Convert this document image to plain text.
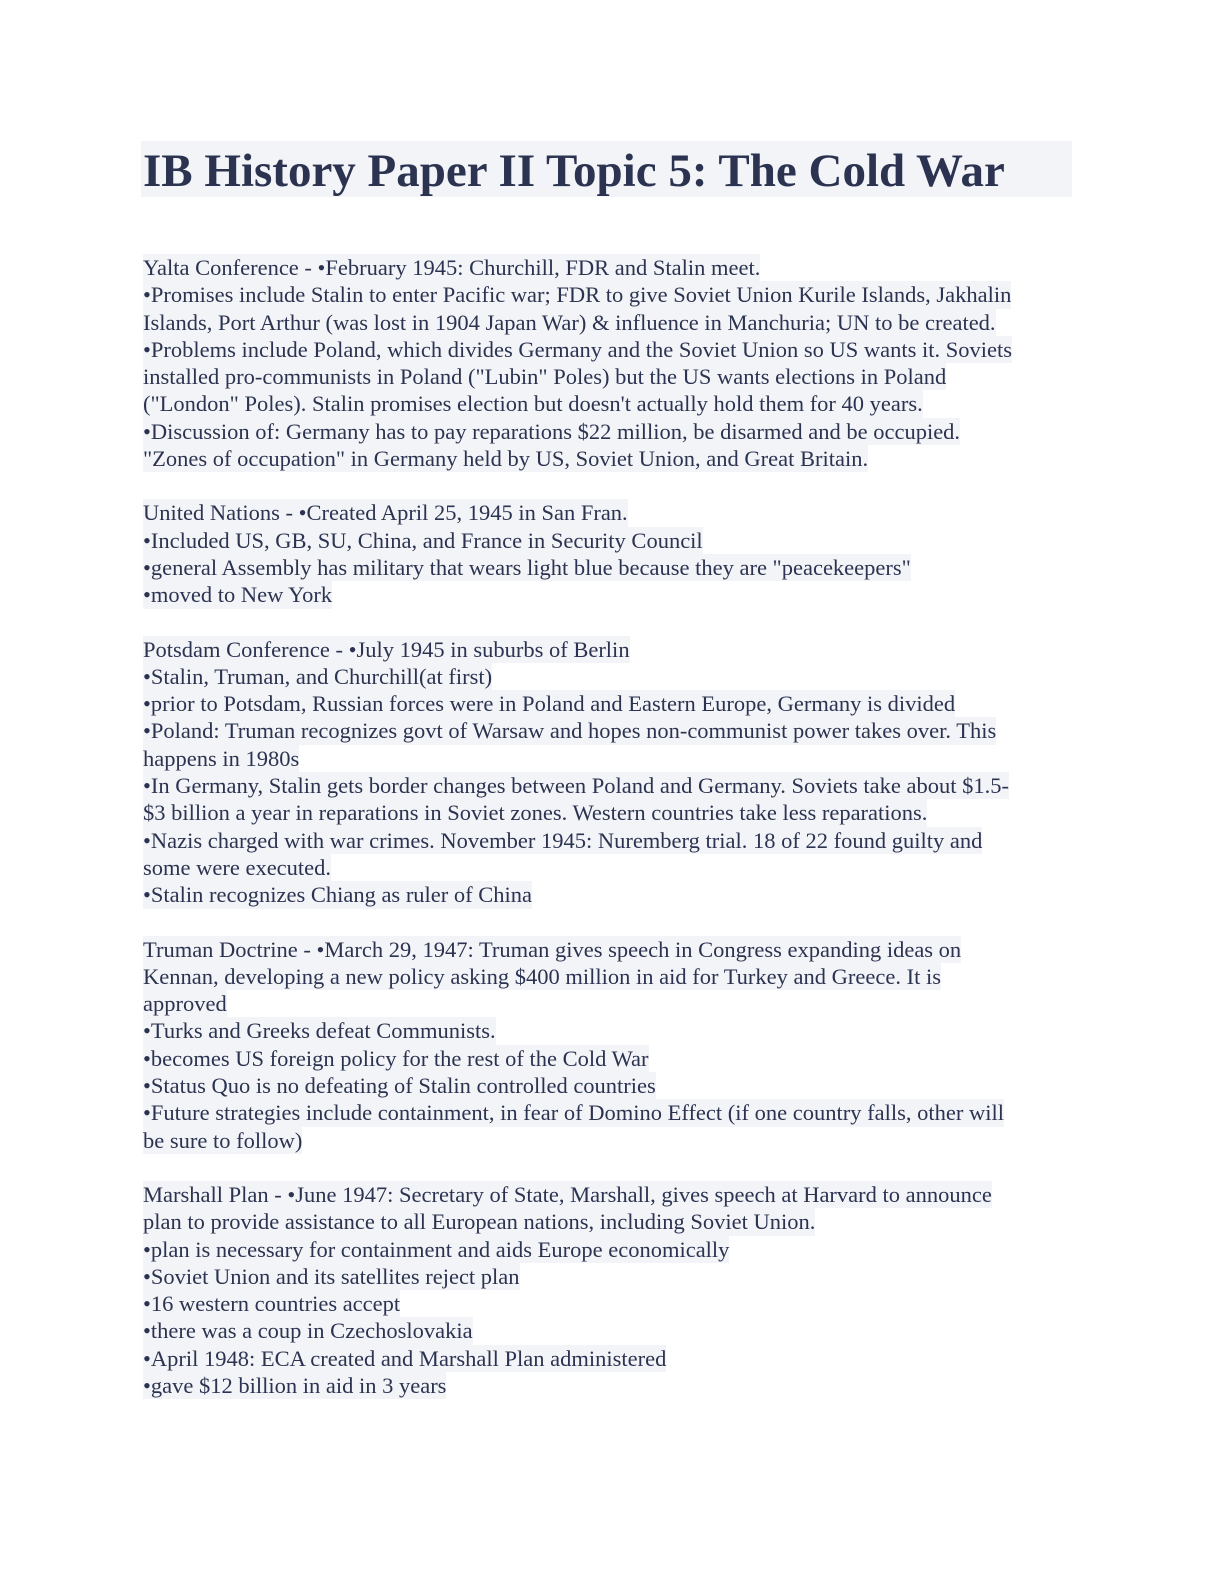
IB History Paper II Topic 5: The Cold War
Yalta Conference - •February 1945: Churchill, FDR and Stalin meet.
•Promises include Stalin to enter Pacific war; FDR to give Soviet Union Kurile Islands, Jakhalin
Islands, Port Arthur (was lost in 1904 Japan War) & influence in Manchuria; UN to be created.
•Problems include Poland, which divides Germany and the Soviet Union so US wants it. Soviets
installed pro-communists in Poland ("Lubin" Poles) but the US wants elections in Poland
("London" Poles). Stalin promises election but doesn't actually hold them for 40 years.
•Discussion of: Germany has to pay reparations $22 million, be disarmed and be occupied.
"Zones of occupation" in Germany held by US, Soviet Union, and Great Britain.
United Nations - •Created April 25, 1945 in San Fran.
•Included US, GB, SU, China, and France in Security Council
•general Assembly has military that wears light blue because they are "peacekeepers"
•moved to New York
Potsdam Conference - •July 1945 in suburbs of Berlin
•Stalin, Truman, and Churchill(at first)
•prior to Potsdam, Russian forces were in Poland and Eastern Europe, Germany is divided
•Poland: Truman recognizes govt of Warsaw and hopes non-communist power takes over. This
happens in 1980s
•In Germany, Stalin gets border changes between Poland and Germany. Soviets take about $1.5-
$3 billion a year in reparations in Soviet zones. Western countries take less reparations.
•Nazis charged with war crimes. November 1945: Nuremberg trial. 18 of 22 found guilty and
some were executed.
•Stalin recognizes Chiang as ruler of China
Truman Doctrine - •March 29, 1947: Truman gives speech in Congress expanding ideas on
Kennan, developing a new policy asking $400 million in aid for Turkey and Greece. It is
approved
•Turks and Greeks defeat Communists.
•becomes US foreign policy for the rest of the Cold War
•Status Quo is no defeating of Stalin controlled countries
•Future strategies include containment, in fear of Domino Effect (if one country falls, other will
be sure to follow)
Marshall Plan - •June 1947: Secretary of State, Marshall, gives speech at Harvard to announce
plan to provide assistance to all European nations, including Soviet Union.
•plan is necessary for containment and aids Europe economically
•Soviet Union and its satellites reject plan
•16 western countries accept
•there was a coup in Czechoslovakia
•April 1948: ECA created and Marshall Plan administered
•gave $12 billion in aid in 3 years
